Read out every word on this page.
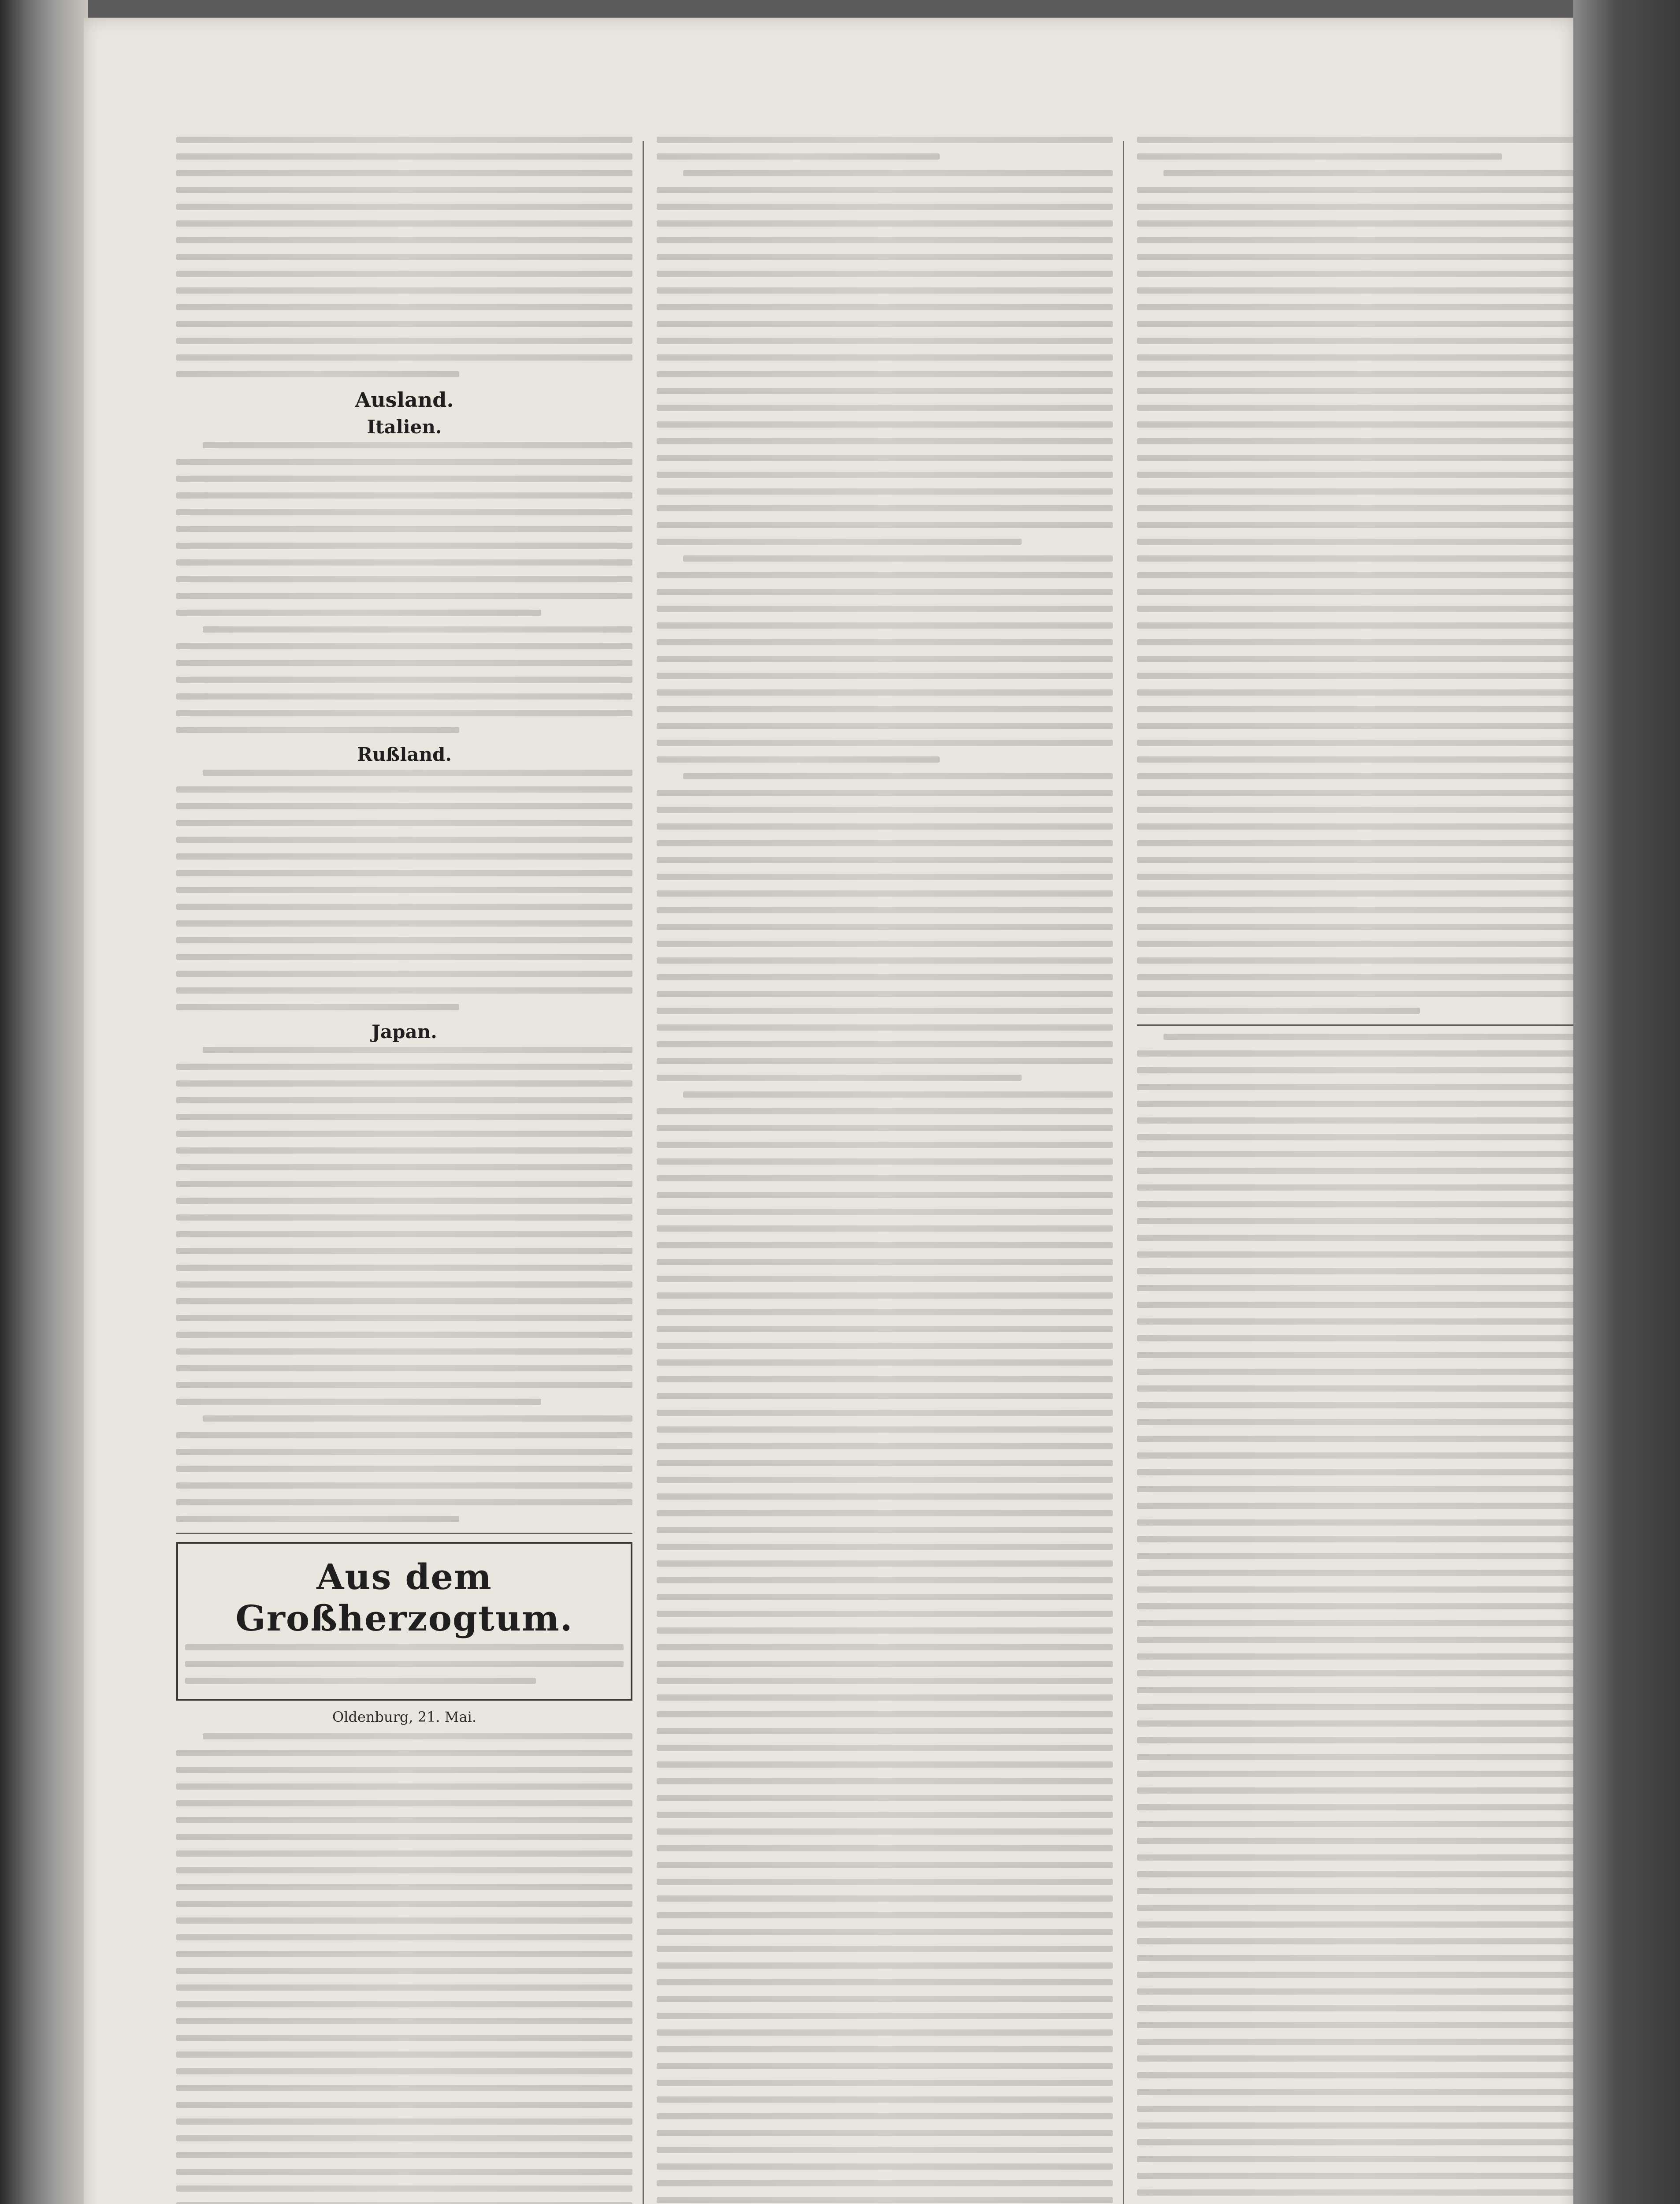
Ausland.
Italien.
Rußland.
Japan.
Aus dem Großherzogtum.
Oldenburg, 21. Mai.
